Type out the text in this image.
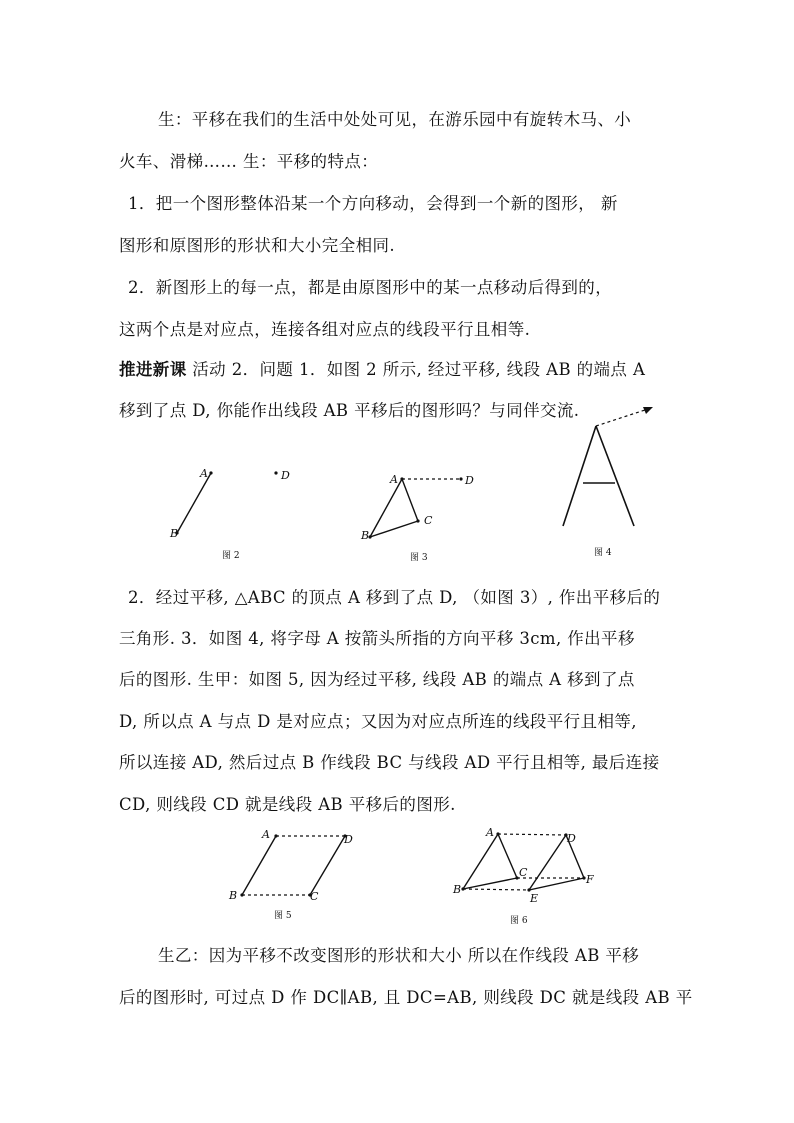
生：平移在我们的生活中处处可见，在游乐园中有旋转木马、小
火车、滑梯…… 生：平移的特点：
1．把一个图形整体沿某一个方向移动，会得到一个新的图形， 新
图形和原图形的形状和大小完全相同.
2．新图形上的每一点，都是由原图形中的某一点移动后得到的，
这两个点是对应点，连接各组对应点的线段平行且相等.
推进新课 活动 2．问题 1．如图 2 所示, 经过平移, 线段 AB 的端点 A
移到了点 D, 你能作出线段 AB 平移后的图形吗？与同伴交流.
A
B
D
图 2
A
B
C
D
图 3	图 4
2．经过平移, △ABC 的顶点 A 移到了点 D, （如图 3）, 作出平移后的
三角形. 3．如图 4, 将字母 A 按箭头所指的方向平移 3cm, 作出平移
后的图形. 生甲：如图 5, 因为经过平移, 线段 AB 的端点 A 移到了点
D, 所以点 A 与点 D 是对应点；又因为对应点所连的线段平行且相等,
所以连接 AD, 然后过点 B 作线段 BC 与线段 AD 平行且相等, 最后连接
CD, 则线段 CD 就是线段 AB 平移后的图形.
A
B	C
D
图 5
A
B
C
D
E
F
图 6
生乙：因为平移不改变图形的形状和大小 所以在作线段 AB 平移
后的图形时, 可过点 D 作 DC∥AB, 且 DC=AB, 则线段 DC 就是线段 AB 平
